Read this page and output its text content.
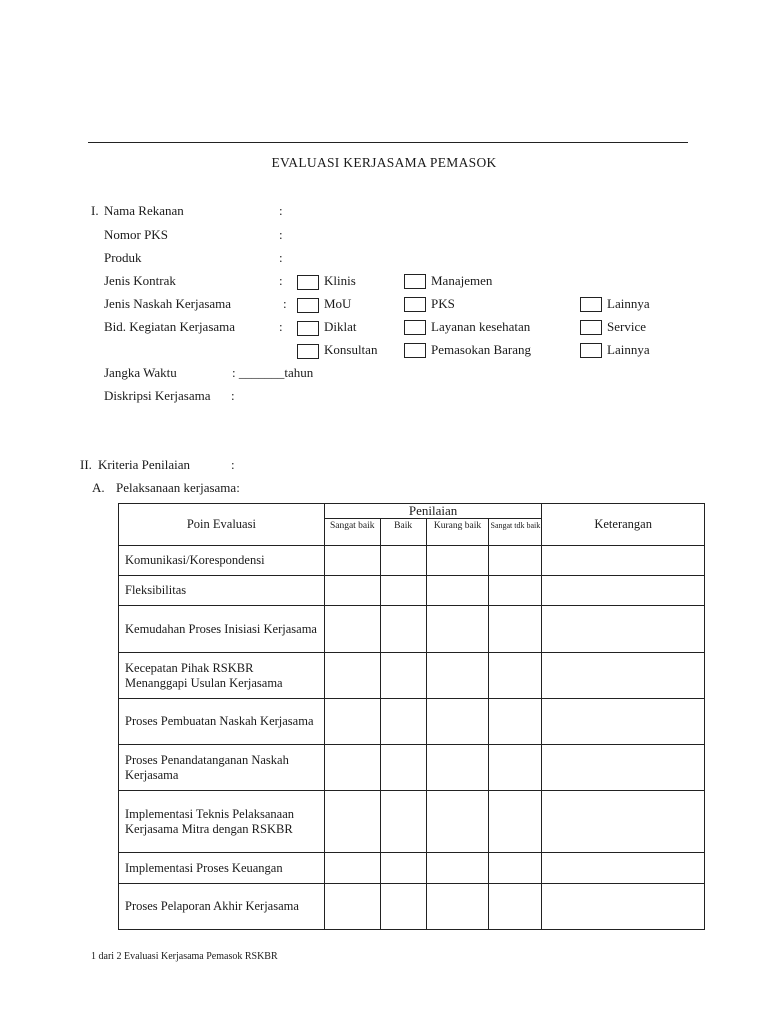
EVALUASI KERJASAMA PEMASOK
I. Nama Rekanan	:
Nomor PKS	:
Produk	:
Jenis Kontrak	:	Klinis	Manajemen
Jenis Naskah Kerjasama	:	MoU	PKS	Lainnya
Bid. Kegiatan Kerjasama	:	Diklat	Layanan kesehatan	Service
Konsultan	Pemasokan Barang	Lainnya
Jangka Waktu	: _______tahun
Diskripsi Kerjasama :
II. Kriteria Penilaian	:
A. Pelaksanaan kerjasama:
Poin Evaluasi	Penilaian				Keterangan
	Sangat baik	Baik	Kurang baik	Sangat tdk baik	
Komunikasi/Korespondensi					
Fleksibilitas					
Kemudahan Proses Inisiasi Kerjasama					
Kecepatan Pihak RSKBR Menanggapi Usulan Kerjasama					
Proses Pembuatan Naskah Kerjasama					
Proses Penandatanganan Naskah Kerjasama					
Implementasi Teknis Pelaksanaan Kerjasama Mitra dengan RSKBR					
Implementasi Proses Keuangan					
Proses Pelaporan Akhir Kerjasama					
1 dari 2 Evaluasi Kerjasama Pemasok RSKBR
